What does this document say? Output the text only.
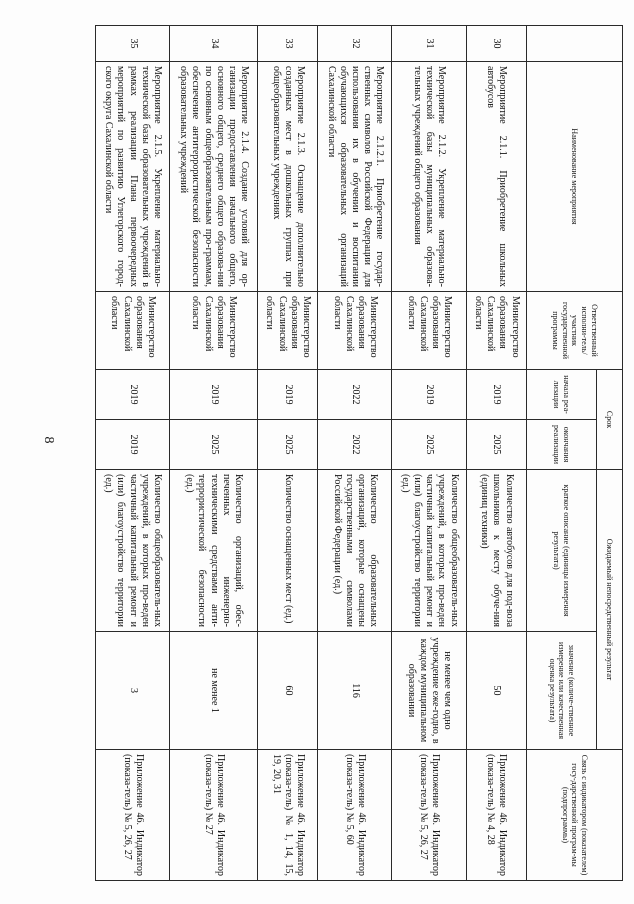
8
	Наименование мероприятия	Ответственный исполни-тель/участник государственной программы	Срок		Ожидаемый непосредственный результат		Связь с индикатором (показателем) госу-дарственной програм-мы (подпрограммы)
			начала реа-лизации	окончания реализации	краткое описание (единицы измерения результата)	значение (количе-ственное измерение или качественная оценка результата)	
30	Мероприятие 2.1.1. Приобретение школьных автобусов	Министерство образования Сахалинской области	2019	2025	Количество автобусов для под-воза школьников к месту обуче-ния (единиц техники)	50	Приложение 46. Индикатор (показа-тель) № 4, 28
31	Мероприятие 2.1.2. Укрепление материально-технической базы муниципальных образова-тельных учреждений общего образования	Министерство образования Сахалинской области	2019	2025	Количество общеобразователь-ных учреждений, в которых про-веден частичный капитальный ремонт и (или) благоустройство территории (ед.)	не менее чем одно учреждение еже-годно, в каждом муниципальном образовании	Приложение 46. Индикатор (показа-тель) № 5, 26, 27
32	Мероприятие 2.1.2.1. Приобретение государ-ственных символов Российской Федерации для использования их в обучении и воспитании обучающихся образовательных организаций Сахалинской области	Министерство образования Сахалинской области	2022	2022	Количество образовательных организаций, которые оснащены государственными символами Российской Федерации (ед.)	116	Приложение 46. Индикатор (показа-тель) № 5, 60
33	Мероприятие 2.1.3. Оснащение дополнительно созданных мест в дошкольных группах при общеобразовательных учреждениях	Министерство образования Сахалинской области	2019	2025	Количество оснащенных мест (ед.)	60	Приложение 46. Индикатор (показа-тель) № 1, 14, 15, 19, 20, 31
34	Мероприятие 2.1.4. Создание условий для ор-ганизации предоставления начального общего, основного общего, среднего общего образова-ния по основным общеобразовательным про-граммам, обеспечение антитеррористической безопасности образовательных учреждений	Министерство образования Сахалинской области	2019	2025	Количество организаций, обес-печенных инженерно-техническими средствами анти-террористической безопасности (ед.)	не менее 1	Приложение 46. Индикатор (показа-тель) № 27
35	Мероприятие 2.1.5. Укрепление материально-технической базы образовательных учреждений в рамках реализации Плана первоочередных мероприятий по развитию Углегорского город-ского округа Сахалинской области	Министерство образования Сахалинской области	2019	2019	Количество общеобразователь-ных учреждений, в которых про-веден частичный капитальный ремонт и (или) благоустройство территории (ед.)	3	Приложение 46. Индикатор (показа-тель) № 5, 26, 27
